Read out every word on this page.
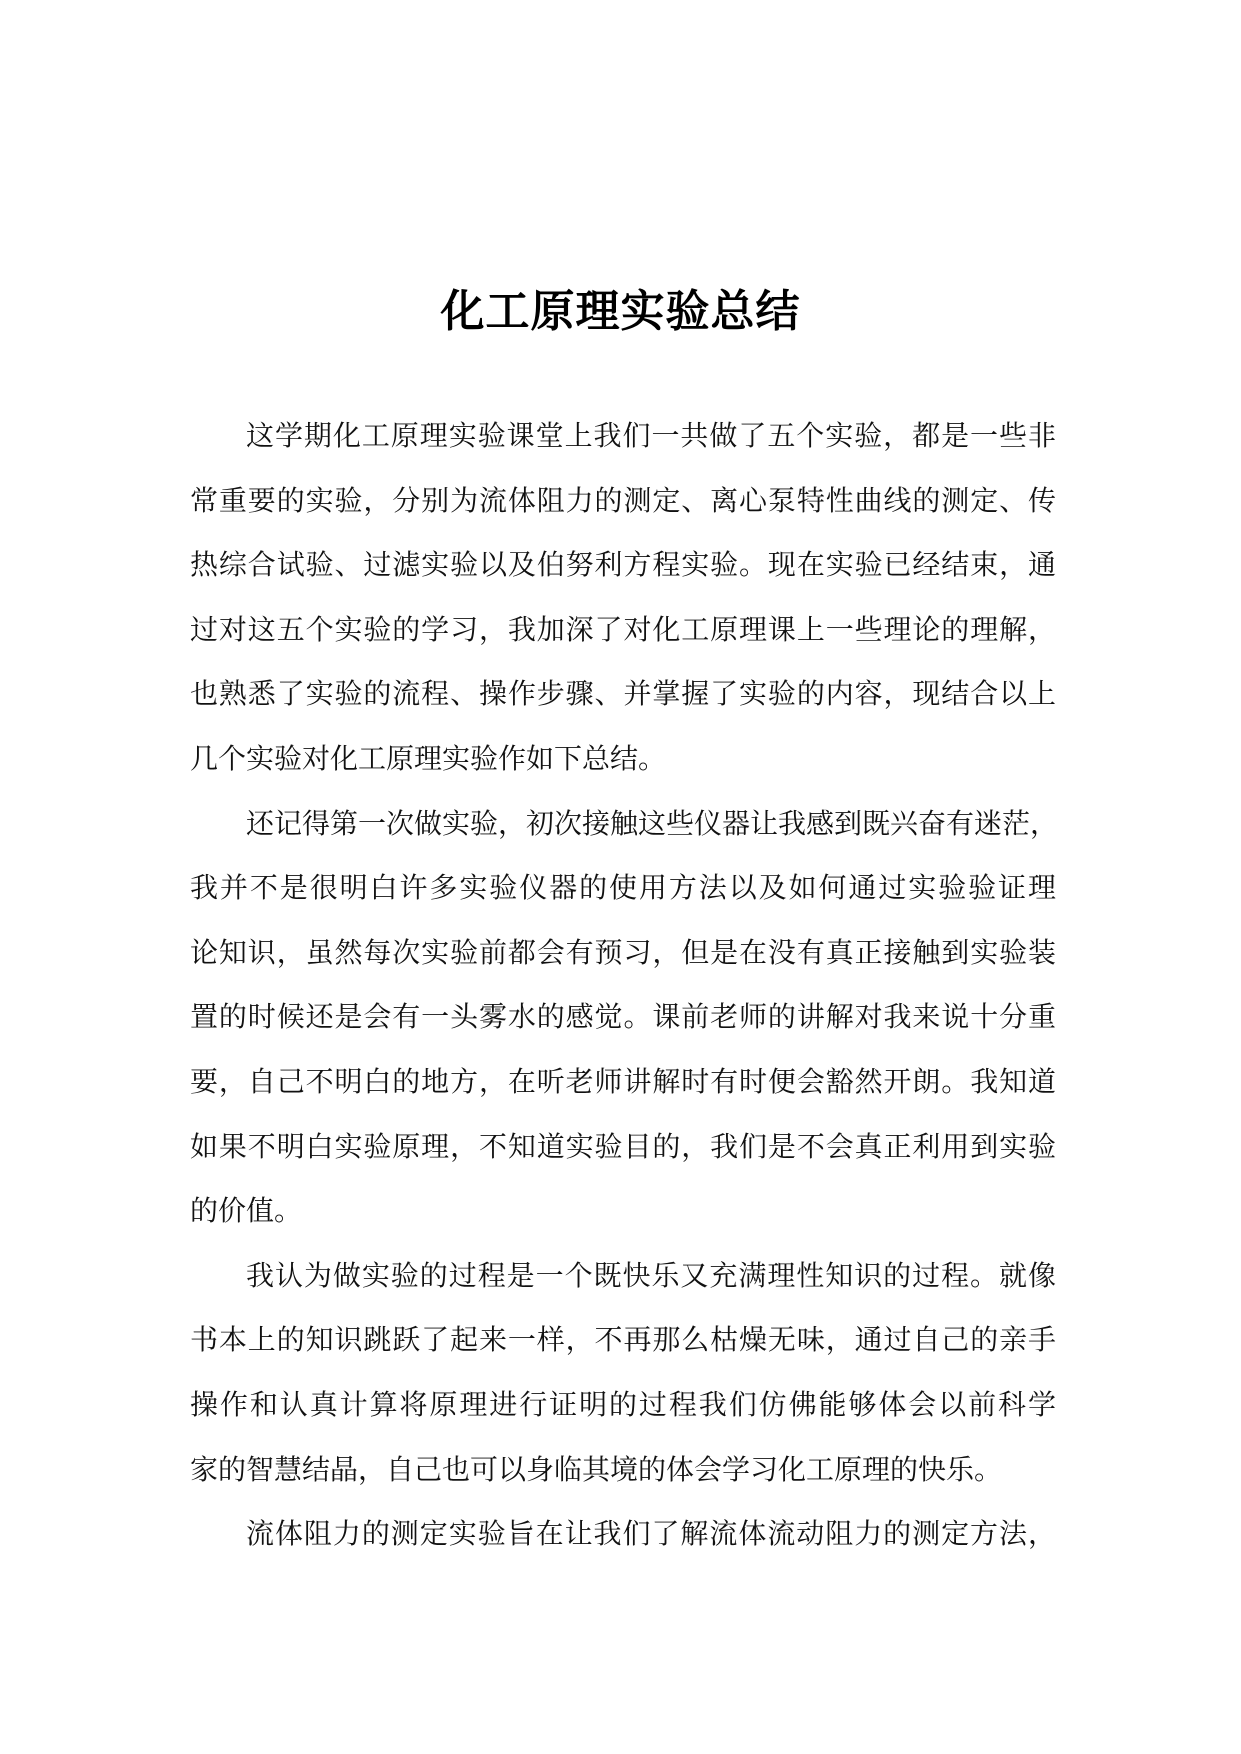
化工原理实验总结
这学期化工原理实验课堂上我们一共做了五个实验，都是一些非
常重要的实验，分别为流体阻力的测定、离心泵特性曲线的测定、传
热综合试验、过滤实验以及伯努利方程实验。现在实验已经结束，通
过对这五个实验的学习，我加深了对化工原理课上一些理论的理解，
也熟悉了实验的流程、操作步骤、并掌握了实验的内容，现结合以上
几个实验对化工原理实验作如下总结。
还记得第一次做实验，初次接触这些仪器让我感到既兴奋有迷茫，
我并不是很明白许多实验仪器的使用方法以及如何通过实验验证理
论知识，虽然每次实验前都会有预习，但是在没有真正接触到实验装
置的时候还是会有一头雾水的感觉。课前老师的讲解对我来说十分重
要，自己不明白的地方，在听老师讲解时有时便会豁然开朗。我知道
如果不明白实验原理，不知道实验目的，我们是不会真正利用到实验
的价值。
我认为做实验的过程是一个既快乐又充满理性知识的过程。就像
书本上的知识跳跃了起来一样，不再那么枯燥无味，通过自己的亲手
操作和认真计算将原理进行证明的过程我们仿佛能够体会以前科学
家的智慧结晶，自己也可以身临其境的体会学习化工原理的快乐。
流体阻力的测定实验旨在让我们了解流体流动阻力的测定方法，
